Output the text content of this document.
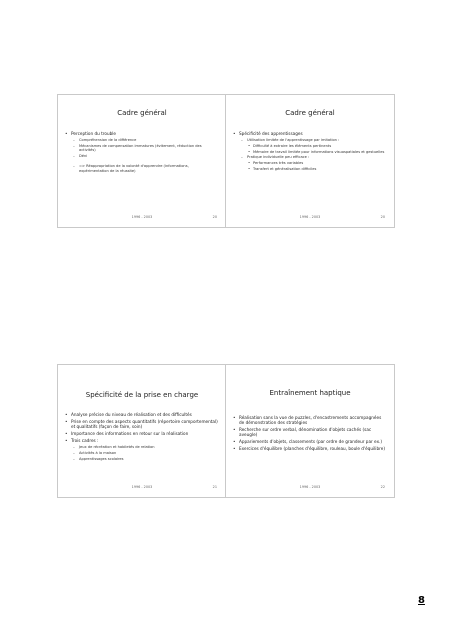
Cadre général
• Perception du trouble
– Compréhension de la différence
– Mécanismes de compensation immatures (évitement, réduction des activités)
– Déni
– => Réappropriation de la volonté d'apprendre (informations, expérimentation de la réussite)
1996 - 2003	20
Cadre général
• Spécificité des apprentissages
– Utilisation limitée de l'apprentissage par imitation :
• Difficulté à extraire les éléments pertinents
• Mémoire de travail limitée pour informations visuospatiales et gestuelles
– Pratique individuelle peu efficace :
• Performances très variables
• Transfert et généralisation difficiles
1996 - 2003	20
Spécificité de la prise en charge
• Analyse précise du niveau de réalisation et des difficultés
• Prise en compte des aspects quantitatifs (répertoire comportemental) et qualitatifs (façon de faire, soin)
• Importance des informations en retour sur la réalisation
• Trois cadres :
– Jeux de récréation et habiletés de relation
– Activités à la maison
– Apprentissages scolaires
1996 - 2003	21
Entraînement haptique
• Réalisation sans la vue de puzzles, d'encastrements accompagnées de démonstration des stratégies
• Recherche sur ordre verbal, dénomination d'objets cachés (sac aveugle)
• Appariements d'objets, classements (par ordre de grandeur par ex.)
• Exercices d'équilibre (planches d'équilibre, rouleau, boule d'équilibre)
1996 - 2003	22
8
